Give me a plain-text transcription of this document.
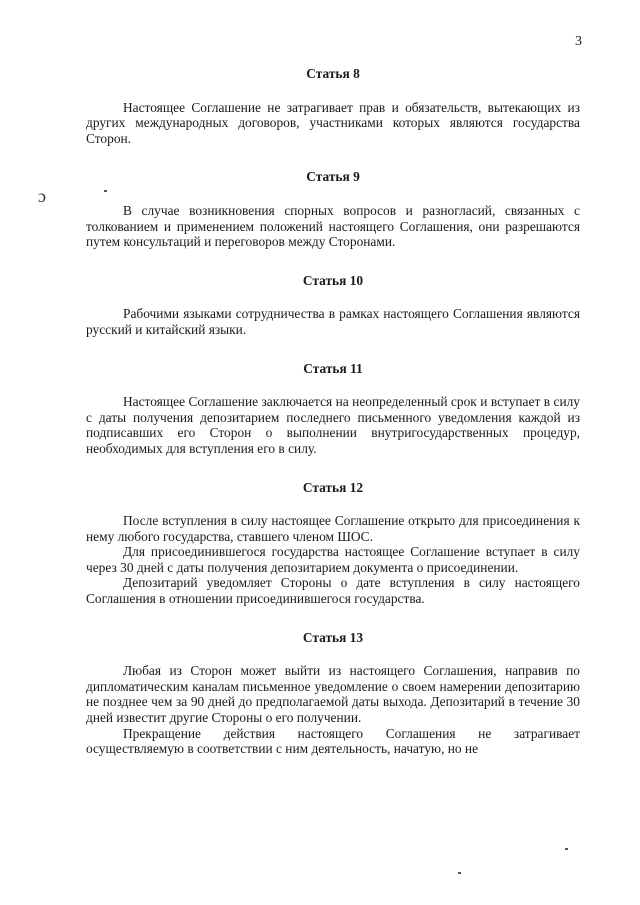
3
ɔ

Статья 8

Настоящее Соглашение не затрагивает прав и обязательств, вытекающих из других международных договоров, участниками которых являются государства Сторон.

Статья 9

В случае возникновения спорных вопросов и разногласий, связанных с толкованием и применением положений настоящего Соглашения, они разрешаются путем консультаций и переговоров между Сторонами.

Статья 10

Рабочими языками сотрудничества в рамках настоящего Соглашения являются русский и китайский языки.

Статья 11

Настоящее Соглашение заключается на неопределенный срок и вступает в силу с даты получения депозитарием последнего письменного уведомления каждой из подписавших его Сторон о выполнении внутригосударственных процедур, необходимых для вступления его в силу.

Статья 12

После вступления в силу настоящее Соглашение открыто для присоединения к нему любого государства, ставшего членом ШОС.

Для присоединившегося государства настоящее Соглашение вступает в силу через 30 дней с даты получения депозитарием документа о присоединении.

Депозитарий уведомляет Стороны о дате вступления в силу настоящего Соглашения в отношении присоединившегося государства.

Статья 13

Любая из Сторон может выйти из настоящего Соглашения, направив по дипломатическим каналам письменное уведомление о своем намерении депозитарию не позднее чем за 90 дней до предполагаемой даты выхода. Депозитарий в течение 30 дней известит другие Стороны о его получении.

Прекращение действия настоящего Соглашения не затрагивает осуществляемую в соответствии с ним деятельность, начатую, но не
